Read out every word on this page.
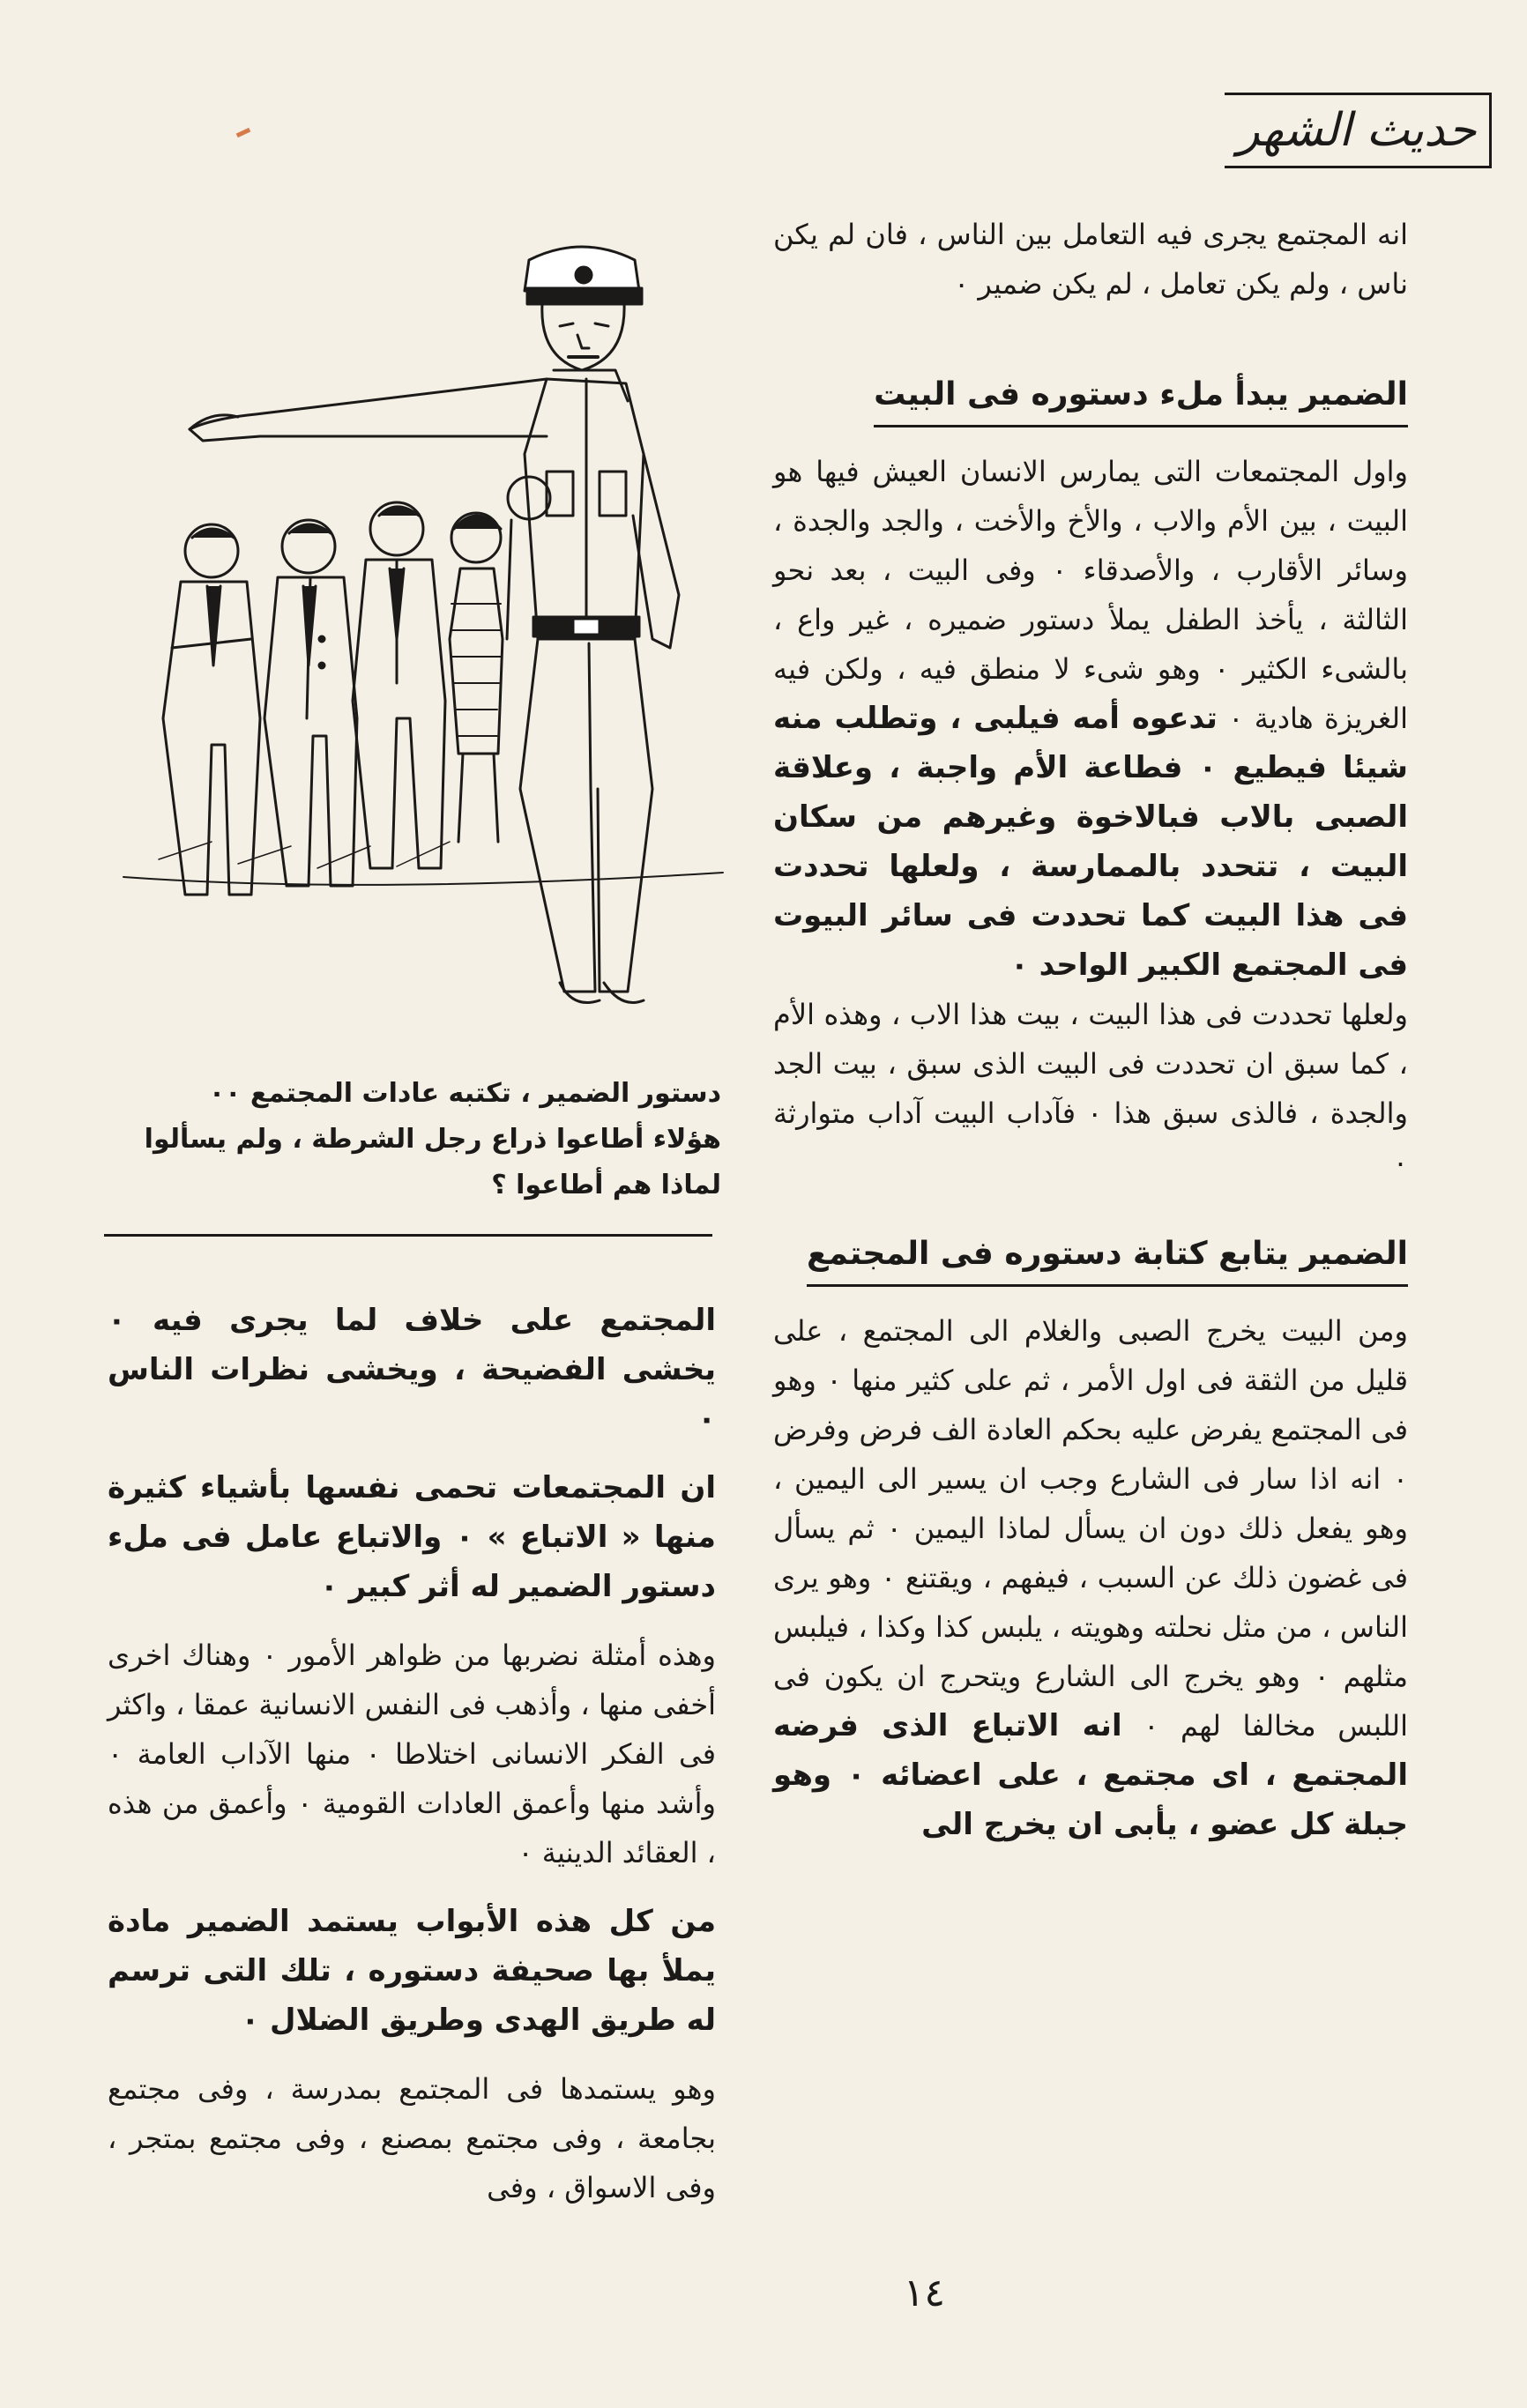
حديث الشهر

انه المجتمع يجرى فيه التعامل بين الناس ، فان لم يكن ناس ، ولم يكن تعامل ، لم يكن ضمير ٠

الضمير يبدأ ملء دستوره فى البيت

واول المجتمعات التى يمارس الانسان العيش فيها هو البيت ، بين الأم والاب ، والأخ والأخت ، والجد والجدة ، وسائر الأقارب ، والأصدقاء ٠ وفى البيت ، بعد نحو الثالثة ، يأخذ الطفل يملأ دستور ضميره ، غير واع ، بالشىء الكثير ٠ وهو شىء لا منطق فيه ، ولكن فيه الغريزة هادية ٠ تدعوه أمه فيلبى ، وتطلب منه شيئا فيطيع ٠ فطاعة الأم واجبة ، وعلاقة الصبى بالاب فبالاخوة وغيرهم من سكان البيت ، تتحدد بالممارسة ، ولعلها تحددت فى هذا البيت كما تحددت فى سائر البيوت فى المجتمع الكبير الواحد ٠

ولعلها تحددت فى هذا البيت ، بيت هذا الاب ، وهذه الأم ، كما سبق ان تحددت فى البيت الذى سبق ، بيت الجد والجدة ، فالذى سبق هذا ٠ فآداب البيت آداب متوارثة ٠

الضمير يتابع كتابة دستوره فى المجتمع

ومن البيت يخرج الصبى والغلام الى المجتمع ، على قليل من الثقة فى اول الأمر ، ثم على كثير منها ٠ وهو فى المجتمع يفرض عليه بحكم العادة الف فرض وفرض ٠ انه اذا سار فى الشارع وجب ان يسير الى اليمين ، وهو يفعل ذلك دون ان يسأل لماذا اليمين ٠ ثم يسأل فى غضون ذلك عن السبب ، فيفهم ، ويقتنع ٠ وهو يرى الناس ، من مثل نحلته وهويته ، يلبس كذا وكذا ، فيلبس مثلهم ٠ وهو يخرج الى الشارع ويتحرج ان يكون فى اللبس مخالفا لهم ٠ انه الاتباع الذى فرضه المجتمع ، اى مجتمع ، على اعضائه ٠ وهو جبلة كل عضو ، يأبى ان يخرج الى

دستور الضمير ، تكتبه عادات المجتمع ٠٠
هؤلاء أطاعوا ذراع رجل الشرطة ، ولم يسألوا
لماذا هم أطاعوا ؟

المجتمع على خلاف لما يجرى فيه ٠ يخشى الفضيحة ، ويخشى نظرات الناس ٠

ان المجتمعات تحمى نفسها بأشياء كثيرة منها « الاتباع » ٠ والاتباع عامل فى ملء دستور الضمير له أثر كبير ٠

وهذه أمثلة نضربها من ظواهر الأمور ٠ وهناك اخرى أخفى منها ، وأذهب فى النفس الانسانية عمقا ، واكثر فى الفكر الانسانى اختلاطا ٠ منها الآداب العامة ٠ وأشد منها وأعمق العادات القومية ٠ وأعمق من هذه ، العقائد الدينية ٠

من كل هذه الأبواب يستمد الضمير مادة يملأ بها صحيفة دستوره ، تلك التى ترسم له طريق الهدى وطريق الضلال ٠

وهو يستمدها فى المجتمع بمدرسة ، وفى مجتمع بجامعة ، وفى مجتمع بمصنع ، وفى مجتمع بمتجر ، وفى الاسواق ، وفى

١٤
